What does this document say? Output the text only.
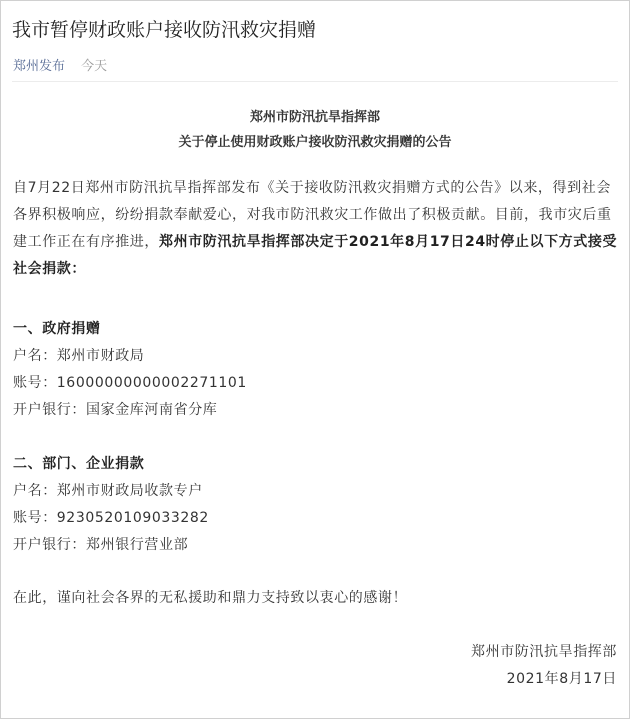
我市暂停财政账户接收防汛救灾捐赠
郑州发布 今天
郑州市防汛抗旱指挥部
关于停止使用财政账户接收防汛救灾捐赠的公告
自7月22日郑州市防汛抗旱指挥部发布《关于接收防汛救灾捐赠方式的公告》以来，得到社会各界积极响应，纷纷捐款奉献爱心，对我市防汛救灾工作做出了积极贡献。目前，我市灾后重建工作正在有序推进，郑州市防汛抗旱指挥部决定于2021年8月17日24时停止以下方式接受社会捐款：
一、政府捐赠
户名：郑州市财政局
账号：16000000000002271101
开户银行：国家金库河南省分库
二、部门、企业捐款
户名：郑州市财政局收款专户
账号：9230520109033282
开户银行：郑州银行营业部
在此，谨向社会各界的无私援助和鼎力支持致以衷心的感谢！
郑州市防汛抗旱指挥部
2021年8月17日
